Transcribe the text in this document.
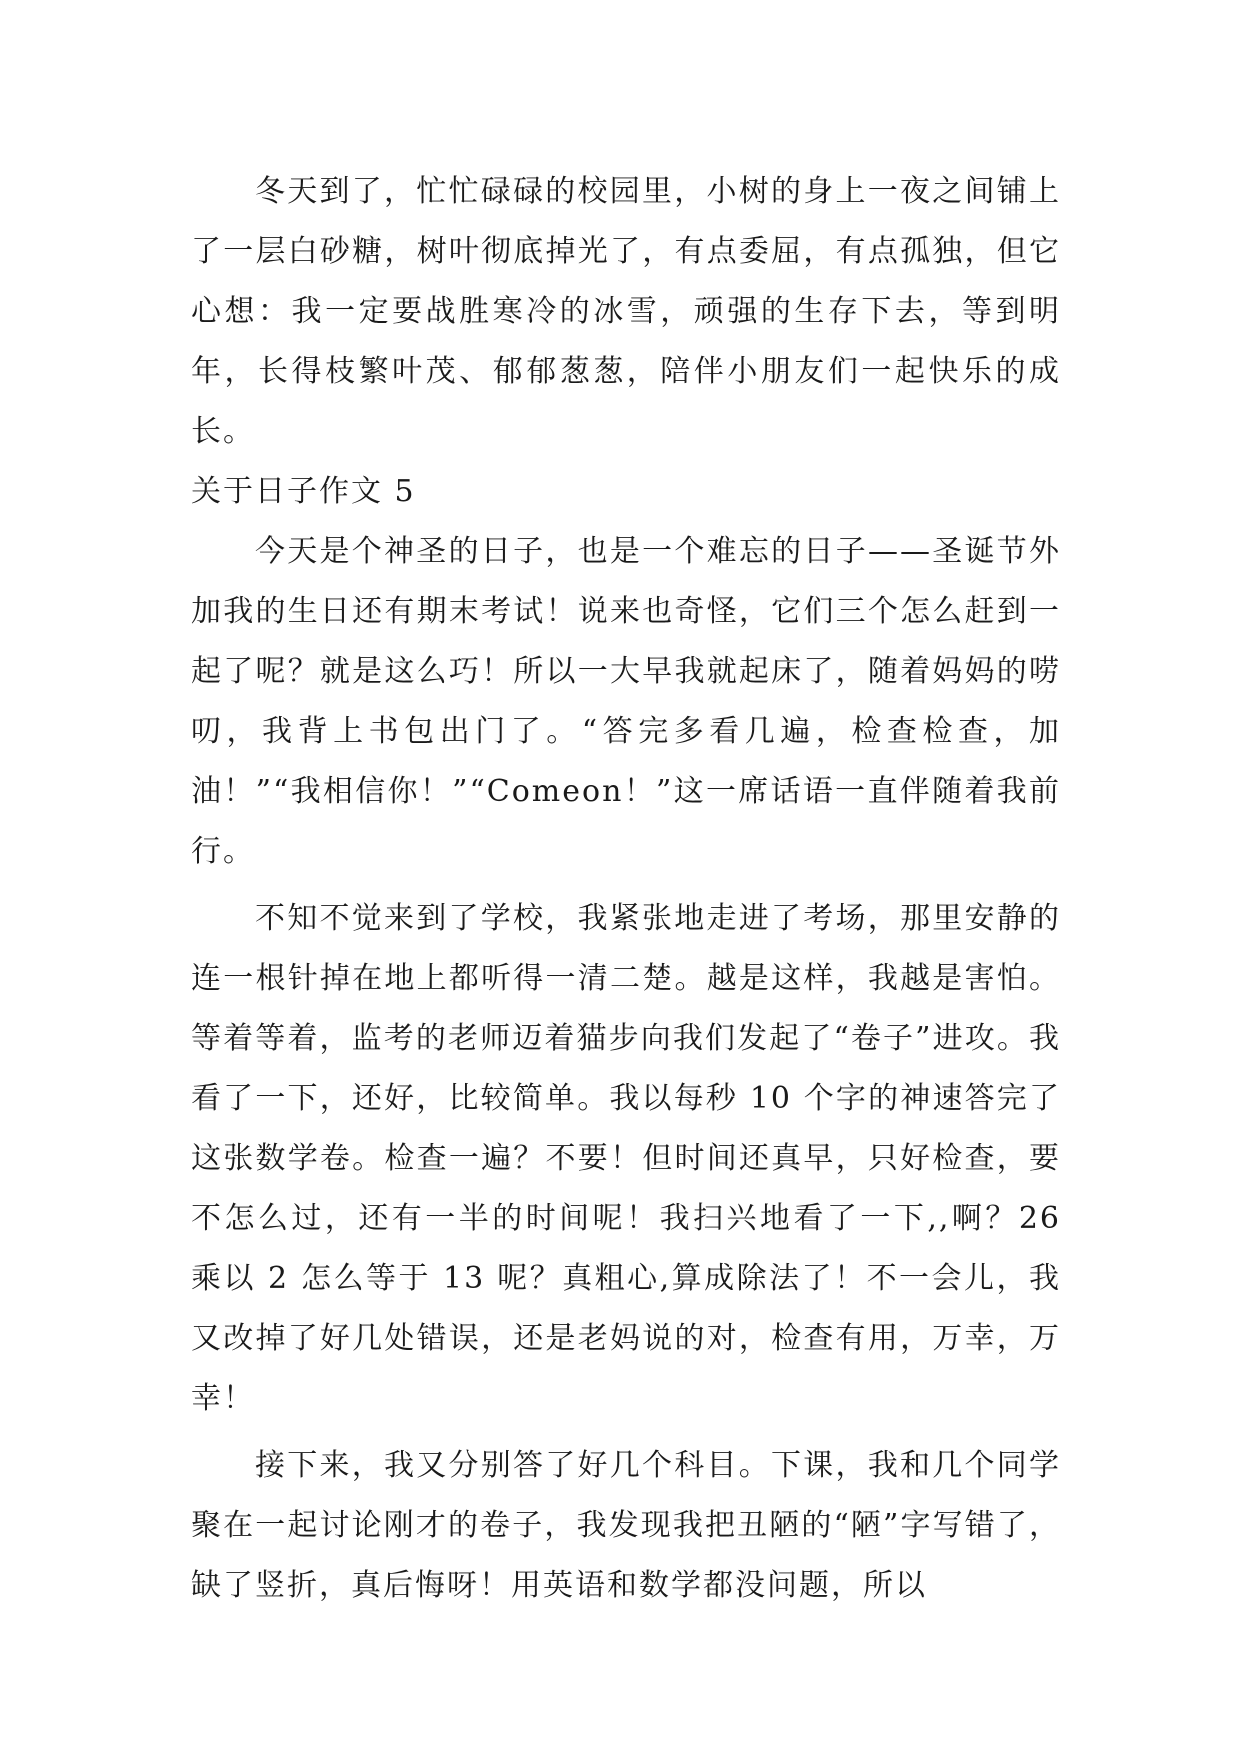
冬天到了，忙忙碌碌的校园里，小树的身上一夜之间铺上了一层白砂糖，树叶彻底掉光了，有点委屈，有点孤独，但它心想：我一定要战胜寒冷的冰雪，顽强的生存下去，等到明年，长得枝繁叶茂、郁郁葱葱，陪伴小朋友们一起快乐的成长。

关于日子作文 5

今天是个神圣的日子，也是一个难忘的日子——圣诞节外加我的生日还有期末考试！说来也奇怪，它们三个怎么赶到一起了呢？就是这么巧！所以一大早我就起床了，随着妈妈的唠叨，我背上书包出门了。“答完多看几遍，检查检查，加油！”“我相信你！”“Comeon！”这一席话语一直伴随着我前行。

不知不觉来到了学校，我紧张地走进了考场，那里安静的连一根针掉在地上都听得一清二楚。越是这样，我越是害怕。等着等着，监考的老师迈着猫步向我们发起了“卷子”进攻。我看了一下，还好，比较简单。我以每秒 10 个字的神速答完了这张数学卷。检查一遍？不要！但时间还真早，只好检查，要不怎么过，还有一半的时间呢！我扫兴地看了一下,,啊？26 乘以 2 怎么等于 13 呢？真粗心,算成除法了！不一会儿，我又改掉了好几处错误，还是老妈说的对，检查有用，万幸，万幸！

接下来，我又分别答了好几个科目。下课，我和几个同学聚在一起讨论刚才的卷子，我发现我把丑陋的“陋”字写错了，缺了竖折，真后悔呀！用英语和数学都没问题，所以
